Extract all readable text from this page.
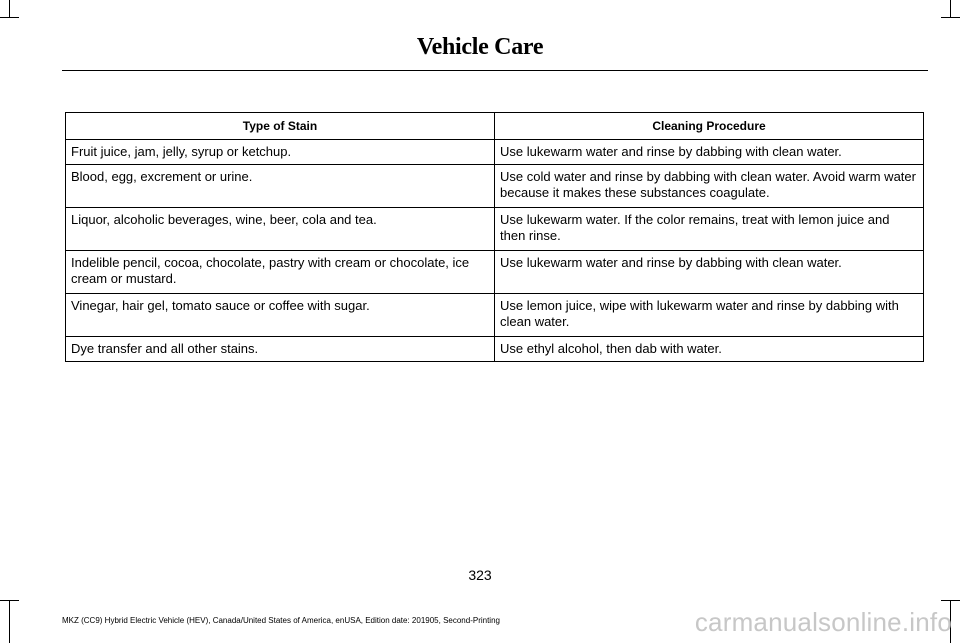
Vehicle Care
Type of Stain	Cleaning Procedure
Fruit juice, jam, jelly, syrup or ketchup.	Use lukewarm water and rinse by dabbing with clean water.
Blood, egg, excrement or urine.	Use cold water and rinse by dabbing with clean water. Avoid warm water because it makes these substances coagulate.
Liquor, alcoholic beverages, wine, beer, cola and tea.	Use lukewarm water. If the color remains, treat with lemon juice and then rinse.
Indelible pencil, cocoa, chocolate, pastry with cream or chocolate, ice cream or mustard.	Use lukewarm water and rinse by dabbing with clean water.
Vinegar, hair gel, tomato sauce or coffee with sugar.	Use lemon juice, wipe with lukewarm water and rinse by dabbing with clean water.
Dye transfer and all other stains.	Use ethyl alcohol, then dab with water.
323
MKZ (CC9) Hybrid Electric Vehicle (HEV), Canada/United States of America, enUSA, Edition date: 201905, Second-Printing	carmanualsonline.info
